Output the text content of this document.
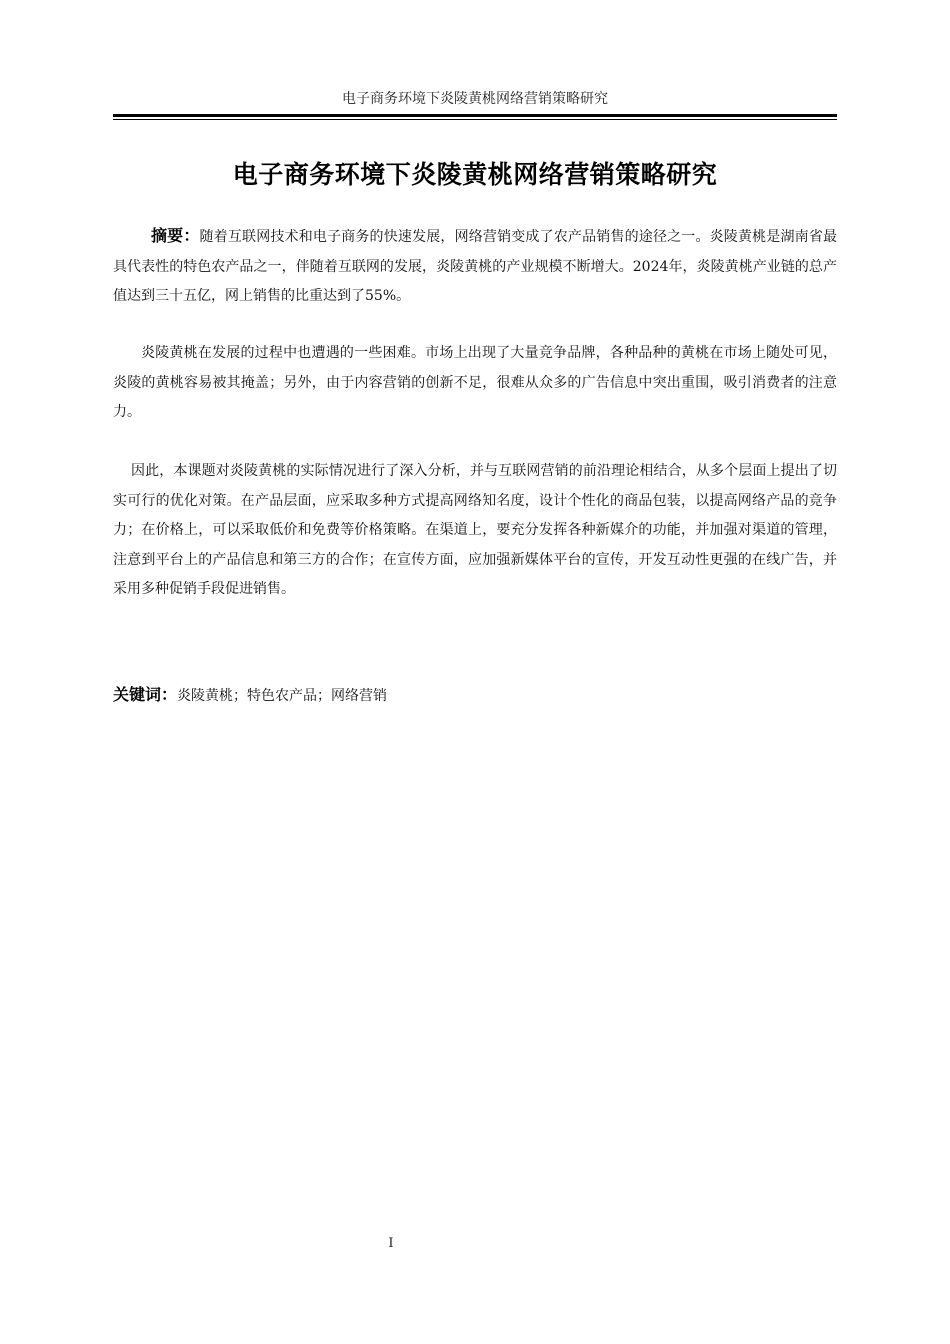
电子商务环境下炎陵黄桃网络营销策略研究
电子商务环境下炎陵黄桃网络营销策略研究

摘要：随着互联网技术和电子商务的快速发展，网络营销变成了农产品销售的途径之一。炎陵黄桃是湖南省最具代表性的特色农产品之一，伴随着互联网的发展，炎陵黄桃的产业规模不断增大。2024年，炎陵黄桃产业链的总产值达到三十五亿，网上销售的比重达到了55%。

炎陵黄桃在发展的过程中也遭遇的一些困难。市场上出现了大量竞争品牌，各种品种的黄桃在市场上随处可见，炎陵的黄桃容易被其掩盖；另外，由于内容营销的创新不足，很难从众多的广告信息中突出重围，吸引消费者的注意力。

因此，本课题对炎陵黄桃的实际情况进行了深入分析，并与互联网营销的前沿理论相结合，从多个层面上提出了切实可行的优化对策。在产品层面，应采取多种方式提高网络知名度，设计个性化的商品包装，以提高网络产品的竞争力；在价格上，可以采取低价和免费等价格策略。在渠道上，要充分发挥各种新媒介的功能，并加强对渠道的管理，注意到平台上的产品信息和第三方的合作；在宣传方面，应加强新媒体平台的宣传，开发互动性更强的在线广告，并采用多种促销手段促进销售。

关键词：炎陵黄桃；特色农产品；网络营销
I
